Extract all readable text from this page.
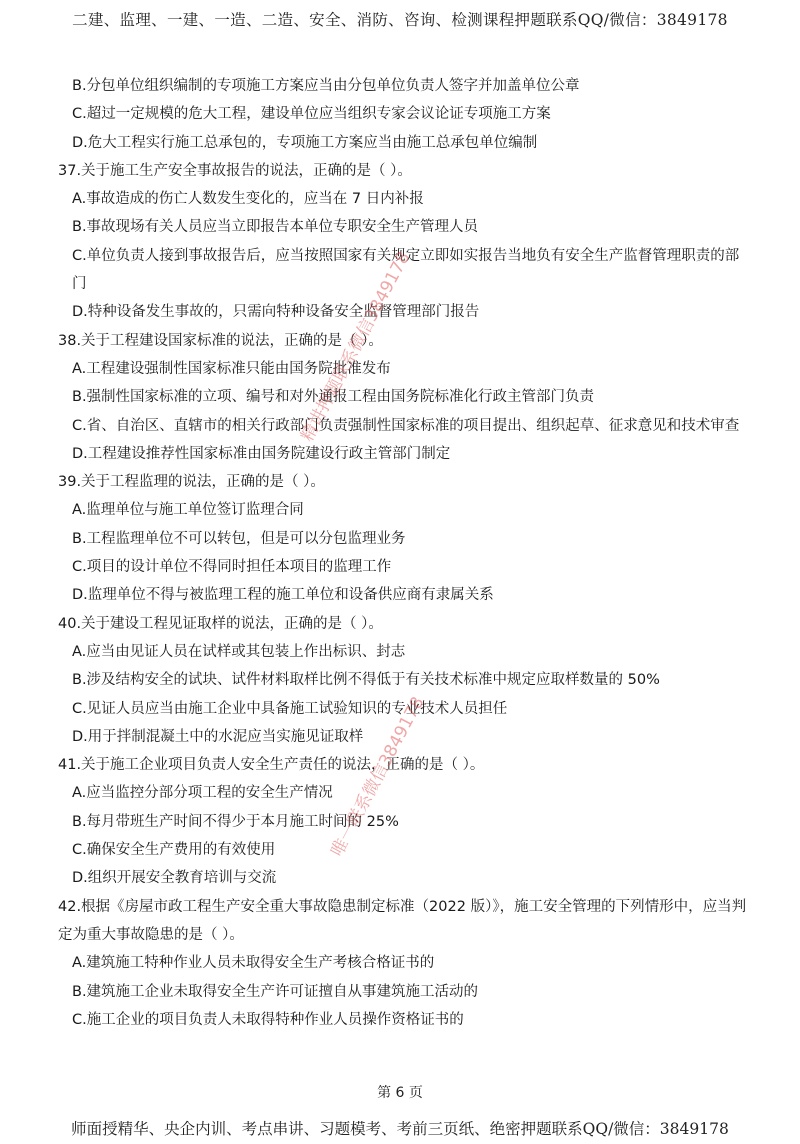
二建、监理、一建、一造、二造、安全、消防、咨询、检测课程押题联系QQ/微信：3849178
B.分包单位组织编制的专项施工方案应当由分包单位负责人签字并加盖单位公章
C.超过一定规模的危大工程，建设单位应当组织专家会议论证专项施工方案
D.危大工程实行施工总承包的，专项施工方案应当由施工总承包单位编制
37.关于施工生产安全事故报告的说法，正确的是（ ）。
A.事故造成的伤亡人数发生变化的，应当在 7 日内补报
B.事故现场有关人员应当立即报告本单位专职安全生产管理人员
C.单位负责人接到事故报告后，应当按照国家有关规定立即如实报告当地负有安全生产监督管理职责的部门
D.特种设备发生事故的，只需向特种设备安全监督管理部门报告
38.关于工程建设国家标准的说法，正确的是（ ）。
A.工程建设强制性国家标准只能由国务院批准发布
B.强制性国家标准的立项、编号和对外通报工程由国务院标准化行政主管部门负责
C.省、自治区、直辖市的相关行政部门负责强制性国家标准的项目提出、组织起草、征求意见和技术审查
D.工程建设推荐性国家标准由国务院建设行政主管部门制定
39.关于工程监理的说法，正确的是（ ）。
A.监理单位与施工单位签订监理合同
B.工程监理单位不可以转包，但是可以分包监理业务
C.项目的设计单位不得同时担任本项目的监理工作
D.监理单位不得与被监理工程的施工单位和设备供应商有隶属关系
40.关于建设工程见证取样的说法，正确的是（ ）。
A.应当由见证人员在试样或其包装上作出标识、封志
B.涉及结构安全的试块、试件材料取样比例不得低于有关技术标准中规定应取样数量的 50%
C.见证人员应当由施工企业中具备施工试验知识的专业技术人员担任
D.用于拌制混凝土中的水泥应当实施见证取样
41.关于施工企业项目负责人安全生产责任的说法，正确的是（ ）。
A.应当监控分部分项工程的安全生产情况
B.每月带班生产时间不得少于本月施工时间的 25%
C.确保安全生产费用的有效使用
D.组织开展安全教育培训与交流
42.根据《房屋市政工程生产安全重大事故隐患制定标准（2022 版）》，施工安全管理的下列情形中，应当判定为重大事故隐患的是（ ）。
A.建筑施工特种作业人员未取得安全生产考核合格证书的
B.建筑施工企业未取得安全生产许可证擅自从事建筑施工活动的
C.施工企业的项目负责人未取得特种作业人员操作资格证书的
精讲押题联系微信3849178
唯一联系微信3849178
第 6 页
师面授精华、央企内训、考点串讲、习题模考、考前三页纸、绝密押题联系QQ/微信：3849178
